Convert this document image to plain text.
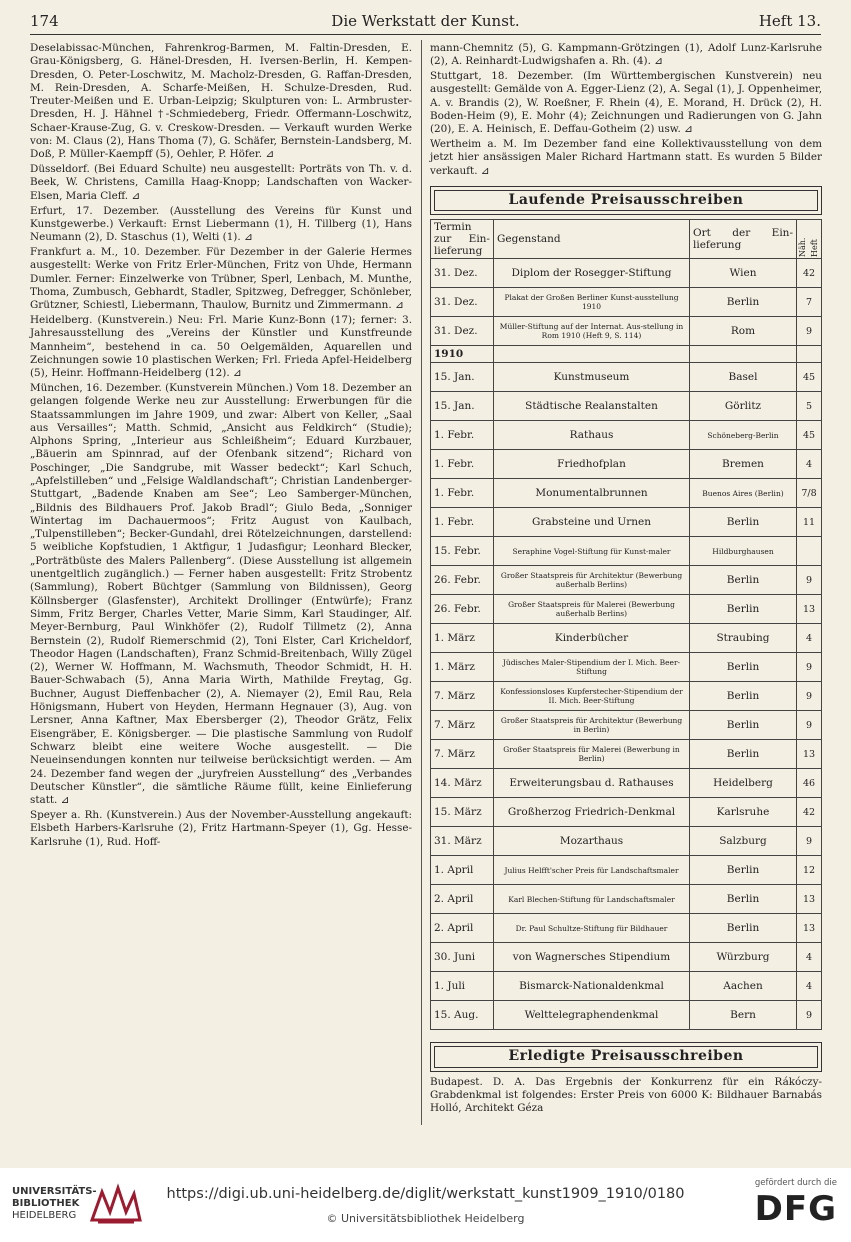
174	Die Werkstatt der Kunst.	Heft 13.

Deselabissac-München, Fahrenkrog-Barmen, M. Faltin-Dresden, E. Grau-Königsberg, G. Hänel-Dresden, H. Iversen-Berlin, H. Kempen-Dresden, O. Peter-Loschwitz, M. Macholz-Dresden, G. Raffan-Dresden, M. Rein-Dresden, A. Scharfe-Meißen, H. Schulze-Dresden, Rud. Treuter-Meißen und E. Urban-Leipzig; Skulpturen von: L. Armbruster-Dresden, H. J. Hähnel †-Schmiedeberg, Friedr. Offermann-Loschwitz, Schaer-Krause-Zug, G. v. Creskow-Dresden. — Verkauft wurden Werke von: M. Claus (2), Hans Thoma (7), G. Schäfer, Bernstein-Landsberg, M. Doß, P. Müller-Kaempff (5), Oehler, P. Höfer. ⊿

Düsseldorf. (Bei Eduard Schulte) neu ausgestellt: Porträts von Th. v. d. Beek, W. Christens, Camilla Haag-Knopp; Landschaften von Wacker-Elsen, Maria Cleff. ⊿

Erfurt, 17. Dezember. (Ausstellung des Vereins für Kunst und Kunstgewerbe.) Verkauft: Ernst Liebermann (1), H. Tillberg (1), Hans Neumann (2), D. Staschus (1), Welti (1). ⊿

Frankfurt a. M., 10. Dezember. Für Dezember in der Galerie Hermes ausgestellt: Werke von Fritz Erler-München, Fritz von Uhde, Hermann Dumler. Ferner: Einzelwerke von Trübner, Sperl, Lenbach, M. Munthe, Thoma, Zumbusch, Gebhardt, Stadler, Spitzweg, Defregger, Schönleber, Grützner, Schiestl, Liebermann, Thaulow, Burnitz und Zimmermann. ⊿

Heidelberg. (Kunstverein.) Neu: Frl. Marie Kunz-Bonn (17); ferner: 3. Jahresausstellung des „Vereins der Künstler und Kunstfreunde Mannheim“, bestehend in ca. 50 Oelgemälden, Aquarellen und Zeichnungen sowie 10 plastischen Werken; Frl. Frieda Apfel-Heidelberg (5), Heinr. Hoffmann-Heidelberg (12). ⊿

München, 16. Dezember. (Kunstverein München.) Vom 18. Dezember an gelangen folgende Werke neu zur Ausstellung: Erwerbungen für die Staatssammlungen im Jahre 1909, und zwar: Albert von Keller, „Saal aus Versailles“; Matth. Schmid, „Ansicht aus Feldkirch“ (Studie); Alphons Spring, „Interieur aus Schleißheim“; Eduard Kurzbauer, „Bäuerin am Spinnrad, auf der Ofenbank sitzend“; Richard von Poschinger, „Die Sandgrube, mit Wasser bedeckt“; Karl Schuch, „Apfelstilleben“ und „Felsige Waldlandschaft“; Christian Landenberger-Stuttgart, „Badende Knaben am See“; Leo Samberger-München, „Bildnis des Bildhauers Prof. Jakob Bradl“; Giulo Beda, „Sonniger Wintertag im Dachauermoos“; Fritz August von Kaulbach, „Tulpenstilleben“; Becker-Gundahl, drei Rötelzeichnungen, darstellend: 5 weibliche Kopfstudien, 1 Aktfigur, 1 Judasfigur; Leonhard Blecker, „Porträtbüste des Malers Pallenberg“. (Diese Ausstellung ist allgemein unentgeltlich zugänglich.) — Ferner haben ausgestellt: Fritz Strobentz (Sammlung), Robert Büchtger (Sammlung von Bildnissen), Georg Köllnsberger (Glasfenster), Architekt Drollinger (Entwürfe); Franz Simm, Fritz Berger, Charles Vetter, Marie Simm, Karl Staudinger, Alf. Meyer-Bernburg, Paul Winkhöfer (2), Rudolf Tillmetz (2), Anna Bernstein (2), Rudolf Riemerschmid (2), Toni Elster, Carl Kricheldorf, Theodor Hagen (Landschaften), Franz Schmid-Breitenbach, Willy Zügel (2), Werner W. Hoffmann, M. Wachsmuth, Theodor Schmidt, H. H. Bauer-Schwabach (5), Anna Maria Wirth, Mathilde Freytag, Gg. Buchner, August Dieffenbacher (2), A. Niemayer (2), Emil Rau, Rela Hönigsmann, Hubert von Heyden, Hermann Hegnauer (3), Aug. von Lersner, Anna Kaftner, Max Ebersberger (2), Theodor Grätz, Felix Eisengräber, E. Königsberger. — Die plastische Sammlung von Rudolf Schwarz bleibt eine weitere Woche ausgestellt. — Die Neueinsendungen konnten nur teilweise berücksichtigt werden. — Am 24. Dezember fand wegen der „juryfreien Ausstellung“ des „Verbandes Deutscher Künstler“, die sämtliche Räume füllt, keine Einlieferung statt. ⊿

Speyer a. Rh. (Kunstverein.) Aus der November-Ausstellung angekauft: Elsbeth Harbers-Karlsruhe (2), Fritz Hartmann-Speyer (1), Gg. Hesse-Karlsruhe (1), Rud. Hoff-

mann-Chemnitz (5), G. Kampmann-Grötzingen (1), Adolf Lunz-Karlsruhe (2), A. Reinhardt-Ludwigshafen a. Rh. (4). ⊿

Stuttgart, 18. Dezember. (Im Württembergischen Kunstverein) neu ausgestellt: Gemälde von A. Egger-Lienz (2), A. Segal (1), J. Oppenheimer, A. v. Brandis (2), W. Roeßner, F. Rhein (4), E. Morand, H. Drück (2), H. Boden-Heim (9), E. Mohr (4); Zeichnungen und Radierungen von G. Jahn (20), E. A. Heinisch, E. Deffau-Gotheim (2) usw. ⊿

Wertheim a. M. Im Dezember fand eine Kollektivausstellung von dem jetzt hier ansässigen Maler Richard Hartmann statt. Es wurden 5 Bilder verkauft. ⊿

Laufende Preisausschreiben
Termin zur Ein-lieferung	Gegenstand	Ort der Ein-lieferung	Näh. Heft
31. Dez.	Diplom der Rosegger-Stiftung	Wien	42
31. Dez.	Plakat der Großen Berliner Kunst-ausstellung 1910	Berlin	7
31. Dez.	Müller-Stiftung auf der Internat. Aus-stellung in Rom 1910 (Heft 9, S. 114)	Rom	9
1910			
15. Jan.	Kunstmuseum	Basel	45
15. Jan.	Städtische Realanstalten	Görlitz	5
1. Febr.	Rathaus	Schöneberg-Berlin	45
1. Febr.	Friedhofplan	Bremen	4
1. Febr.	Monumentalbrunnen	Buenos Aires (Berlin)	7/8
1. Febr.	Grabsteine und Urnen	Berlin	11
15. Febr.	Seraphine Vogel-Stiftung für Kunst-maler	Hildburghausen	
26. Febr.	Großer Staatspreis für Architektur (Bewerbung außerhalb Berlins)	Berlin	9
26. Febr.	Großer Staatspreis für Malerei (Bewerbung außerhalb Berlins)	Berlin	13
1. März	Kinderbücher	Straubing	4
1. März	Jüdisches Maler-Stipendium der I. Mich. Beer-Stiftung	Berlin	9
7. März	Konfessionsloses Kupferstecher-Stipendium der II. Mich. Beer-Stiftung	Berlin	9
7. März	Großer Staatspreis für Architektur (Bewerbung in Berlin)	Berlin	9
7. März	Großer Staatspreis für Malerei (Bewerbung in Berlin)	Berlin	13
14. März	Erweiterungsbau d. Rathauses	Heidelberg	46
15. März	Großherzog Friedrich-Denkmal	Karlsruhe	42
31. März	Mozarthaus	Salzburg	9
1. April	Julius Helfft'scher Preis für Landschaftsmaler	Berlin	12
2. April	Karl Blechen-Stiftung für Landschaftsmaler	Berlin	13
2. April	Dr. Paul Schultze-Stiftung für Bildhauer	Berlin	13
30. Juni	von Wagnersches Stipendium	Würzburg	4
1. Juli	Bismarck-Nationaldenkmal	Aachen	4
15. Aug.	Welttelegraphendenkmal	Bern	9
Erledigte Preisausschreiben

Budapest. D. A. Das Ergebnis der Konkurrenz für ein Rákóczy-Grabdenkmal ist folgendes: Erster Preis von 6000 K: Bildhauer Barnabás Holló, Architekt Géza

UNIVERSITÄTS-
BIBLIOTHEK
HEIDELBERG
https://digi.ub.uni-heidelberg.de/diglit/werkstatt_kunst1909_1910/0180
© Universitätsbibliothek Heidelberg
gefördert durch die
DFG
